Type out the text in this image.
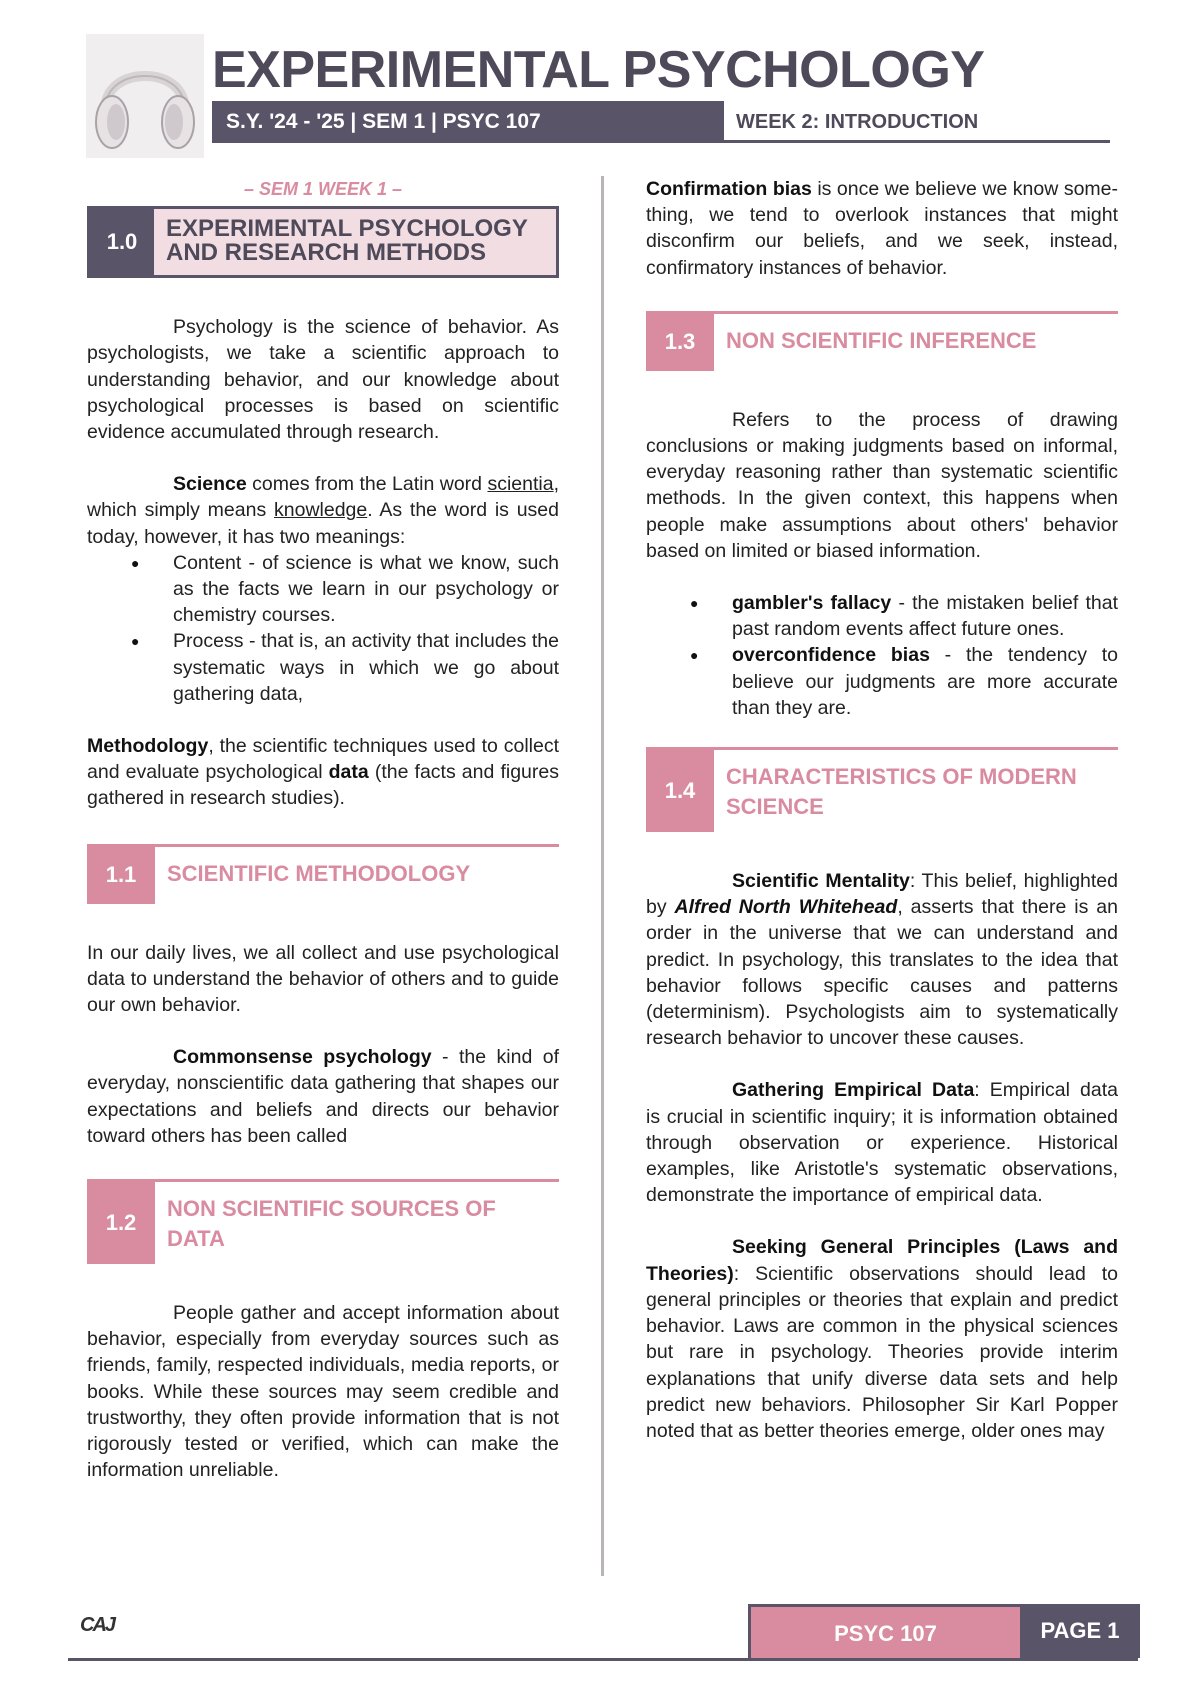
EXPERIMENTAL PSYCHOLOGY
S.Y. '24 - '25 | SEM 1 | PSYC 107	WEEK 2: INTRODUCTION
– SEM 1 WEEK 1 –
1.0	EXPERIMENTAL PSYCHOLOGY
AND RESEARCH METHODS

Psychology is the science of behavior. As psychologists, we take a scientific approach to understanding behavior, and our knowledge about psychological processes is based on scientific evidence accumulated through research.

Science comes from the Latin word scientia, which simply means knowledge. As the word is used today, however, it has two meanings:

● Content - of science is what we know, such as the facts we learn in our psychology or chemistry courses.
● Process - that is, an activity that includes the systematic ways in which we go about gathering data,

Methodology, the scientific techniques used to collect and evaluate psychological data (the facts and figures gathered in research studies).

1.1	SCIENTIFIC METHODOLOGY

In our daily lives, we all collect and use psychological data to understand the behavior of others and to guide our own behavior.

Commonsense psychology - the kind of everyday, nonscientific data gathering that shapes our expectations and beliefs and directs our behavior toward others has been called

1.2
NON SCIENTIFIC SOURCES OF
DATA

People gather and accept information about behavior, especially from everyday sources such as friends, family, respected individuals, media reports, or books. While these sources may seem credible and trustworthy, they often provide information that is not rigorously tested or verified, which can make the information unreliable.

Confirmation bias is once we believe we know some-thing, we tend to overlook instances that might disconfirm our beliefs, and we seek, instead, confirmatory instances of behavior.

1.3	NON SCIENTIFIC INFERENCE

Refers to the process of drawing conclusions or making judgments based on informal, everyday reasoning rather than systematic scientific methods. In the given context, this happens when people make assumptions about others' behavior based on limited or biased information.

● gambler's fallacy - the mistaken belief that past random events affect future ones.
● overconfidence bias - the tendency to believe our judgments are more accurate than they are.
1.4
CHARACTERISTICS OF MODERN
SCIENCE

Scientific Mentality: This belief, highlighted by Alfred North Whitehead, asserts that there is an order in the universe that we can understand and predict. In psychology, this translates to the idea that behavior follows specific causes and patterns (determinism). Psychologists aim to systematically research behavior to uncover these causes.

Gathering Empirical Data: Empirical data is crucial in scientific inquiry; it is information obtained through observation or experience. Historical examples, like Aristotle's systematic observations, demonstrate the importance of empirical data.

Seeking General Principles (Laws and Theories): Scientific observations should lead to general principles or theories that explain and predict behavior. Laws are common in the physical sciences but rare in psychology. Theories provide interim explanations that unify diverse data sets and help predict new behaviors. Philosopher Sir Karl Popper noted that as better theories emerge, older ones may

CAJ	PSYC 107	PAGE 1
